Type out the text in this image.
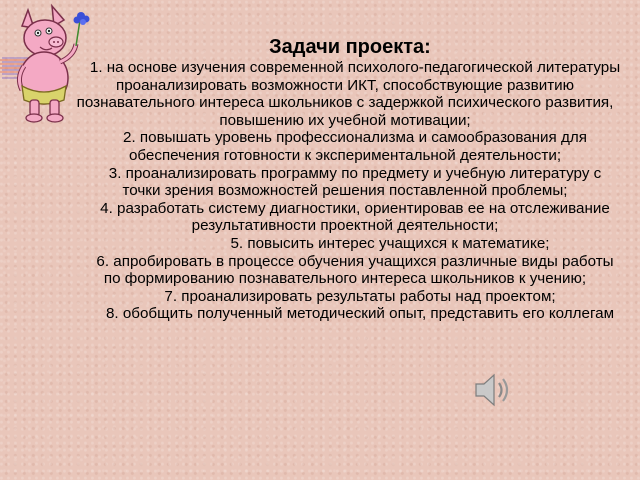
Задачи проекта:
1. на основе изучения современной психолого-педагогической литературы проанализировать возможности ИКТ, способствующие развитию познавательного интереса школьников с задержкой психического развития, повышению их учебной мотивации;
2. повышать уровень профессионализма и самообразования для обеспечения готовности к экспериментальной деятельности;
3. проанализировать программу по предмету и учебную литературу с точки зрения возможностей решения поставленной проблемы;
4. разработать систему диагностики, ориентировав ее на отслеживание результативности проектной деятельности;
5. повысить интерес учащихся к математике;
6. апробировать в процессе обучения учащихся различные виды работы по формированию познавательного интереса школьников к учению;
7. проанализировать результаты работы над проектом;
8. обобщить полученный методический опыт, представить его коллегам
